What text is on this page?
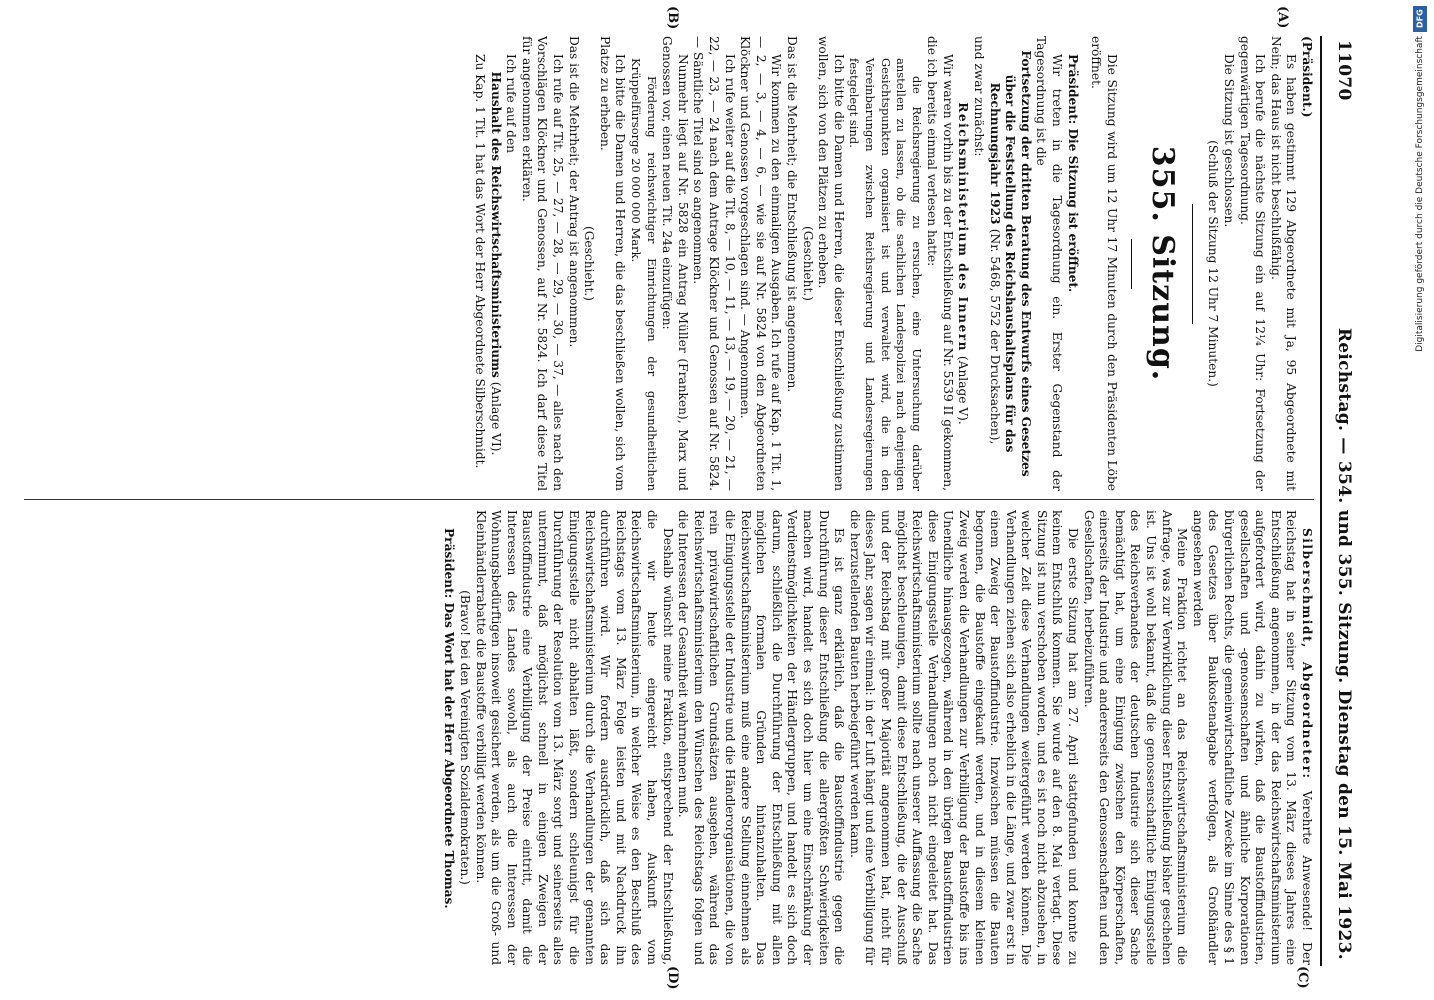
11070
Reichstag. — 354. und 355. Sitzung. Dienstag den 15. Mai 1923.
(A)
(B)
(C)
(D)

(Präsident.)

Es haben gestimmt 129 Abgeordnete mit Ja, 95 Abgeordnete mit Nein; das Haus ist nicht beschlußfähig.

Ich berufe die nächste Sitzung ein auf 12¼ Uhr: Fortsetzung der gegenwärtigen Tagesordnung.

Die Sitzung ist geschlossen.

(Schluß der Sitzung 12 Uhr 7 Minuten.)

355. Sitzung.

Die Sitzung wird um 12 Uhr 17 Minuten durch den Präsidenten Löbe eröffnet.

Präsident: Die Sitzung ist eröffnet.

Wir treten in die Tagesordnung ein. Erster Gegenstand der Tagesordnung ist die

Fortsetzung der dritten Beratung des Entwurfs eines Gesetzes über die Feststellung des Reichshaushaltsplans für das Rechnungsjahr 1923 (Nr. 5468, 5752 der Drucksachen),

und zwar zunächst:

Reichsministerium des Innern (Anlage V).

Wir waren vorhin bis zu der Entschließung auf Nr. 5539 II gekommen, die ich bereits einmal verlesen hatte:

die Reichsregierung zu ersuchen, eine Untersuchung darüber anstellen zu lassen, ob die sachlichen Landespolizei nach denjenigen Gesichtspunkten organisiert ist und verwaltet wird, die in den Vereinbarungen zwischen Reichsregierung und Landesregierungen festgelegt sind.

Ich bitte die Damen und Herren, die dieser Entschließung zustimmen wollen, sich von den Plätzen zu erheben.

(Geschieht.)

Das ist die Mehrheit; die Entschließung ist angenommen.

Wir kommen zu den einmaligen Ausgaben. Ich rufe auf Kap. 1 Tit. 1, — 2, — 3, — 4, — 6, — wie sie auf Nr. 5824 von den Abgeordneten Klöckner und Genossen vorgeschlagen sind. — Angenommen.

Ich rufe weiter auf die Tit. 8, — 10, — 11, — 13, — 19, — 20, — 21, — 22, — 23, — 24 nach dem Antrage Klöckner und Genossen auf Nr. 5824. — Sämtliche Titel sind so angenommen.

Nunmehr liegt auf Nr. 5828 ein Antrag Müller (Franken), Marx und Genossen vor, einen neuen Tit. 24a einzufügen:

Förderung reichswichtiger Einrichtungen der gesundheitlichen Krüppelfürsorge 20 000 000 Mark.

Ich bitte die Damen und Herren, die das beschließen wollen, sich vom Platze zu erheben.

(Geschieht.)

Das ist die Mehrheit; der Antrag ist angenommen.

Ich rufe auf Tit. 25, — 27, — 28, — 29, — 30, — 37, — alles nach den Vorschlägen Klöckner und Genossen, auf Nr. 5824. Ich darf diese Titel für angenommen erklären.

Ich rufe auf den

Haushalt des Reichswirtschaftsministeriums (Anlage VI).

Zu Kap. 1 Tit. 1 hat das Wort der Herr Abgeordnete Silberschmidt.

Silberschmidt, Abgeordneter: Verehrte Anwesende! Der Reichstag hat in seiner Sitzung vom 13. März dieses Jahres eine Entschließung angenommen, in der das Reichswirtschaftsministerium aufgefordert wird, dahin zu wirken, daß die Baustoffindustrien, gesellschaften und -genossenschaften und ähnliche Korporationen bürgerlichen Rechts, die gemeinwirtschaftliche Zwecke im Sinne des § 1 des Gesetzes über Baukostenabgabe verfolgen, als Großhändler angesehen werden

Meine Fraktion richtet an das Reichswirtschaftsministerium die Anfrage, was zur Verwirklichung dieser Entschließung bisher geschehen ist. Uns ist wohl bekannt, daß die genossenschaftliche Einigungsstelle des Reichsverbandes der deutschen Industrie sich dieser Sache bemächtigt hat, um eine Einigung zwischen den Körperschaften, einerseits der Industrie und andererseits den Genossenschaften und den Gesellschaften, herbeizuführen.

Die erste Sitzung hat am 27. April stattgefunden und konnte zu keinem Entschluß kommen. Sie wurde auf den 8. Mai vertagt. Diese Sitzung ist nun verschoben worden, und es ist noch nicht abzusehen, in welcher Zeit diese Verhandlungen weitergeführt werden können. Die Verhandlungen ziehen sich also erheblich in die Länge, und zwar erst in einem Zweig der Baustoffindustrie. Inzwischen müssen die Bauten begonnen, die Baustoffe eingekauft werden, und in diesem kleinen Zweig werden die Verhandlungen zur Verbilligung der Baustoffe bis ins Unendliche hinausgezogen, während in den übrigen Baustoffindustrien diese Einigungsstelle Verhandlungen noch nicht eingeleitet hat. Das Reichswirtschaftsministerium sollte nach unserer Auffassung die Sache möglichst beschleunigen, damit diese Entschließung, die der Ausschuß und der Reichstag mit großer Majorität angenommen hat, nicht für dieses Jahr, sagen wir einmal: in der Luft hängt und eine Verbilligung für die herzustellenden Bauten herbeigeführt werden kann.

Es ist ganz erklärlich, daß die Baustoffindustrie gegen die Durchführung dieser Entschließung die allergrößten Schwierigkeiten machen wird, handelt es sich doch hier um eine Einschränkung der Verdienstmöglichkeiten der Händlergruppen, und handelt es sich doch darum, schließlich die Durchführung der Entschließung mit allen möglichen formalen Gründen hintanzuhalten. Das Reichswirtschaftsministerium muß eine andere Stellung einnehmen als die Einigungsstelle der Industrie und die Händlerorganisationen, die von rein privatwirtschaftlichen Grundsätzen ausgehen, während das Reichswirtschaftsministerium den Wünschen des Reichstags folgen und die Interessen der Gesamtheit wahrnehmen muß.

Deshalb wünscht meine Fraktion, entsprechend der Entschließung, die wir heute eingereicht haben, Auskunft vom Reichswirtschaftsministerium, in welcher Weise es den Beschluß des Reichstags vom 13. März Folge leisten und mit Nachdruck ihn durchführen wird. Wir fordern ausdrücklich, daß sich das Reichswirtschaftsministerium durch die Verhandlungen der genannten Einigungsstelle nicht abhalten läßt, sondern schleunigst für die Durchführung der Resolution vom 13. März sorgt und seinerseits alles unternimmt, daß möglichst schnell in einigen Zweigen der Baustoffindustrie eine Verbilligung der Preise eintritt, damit die Interessen des Landes sowohl, als auch die Interessen der Wohnungsbedürftigen insoweit gesichert werden, als um die Groß- und Kleinhändlerrabatte die Baustoffe verbilligt werden können.

(Bravo! bei den Vereinigten Sozialdemokraten.)

Präsident: Das Wort hat der Herr Abgeordnete Thomas.

DFG
Digitalisierung gefördert durch die Deutsche Forschungsgemeinschaft
